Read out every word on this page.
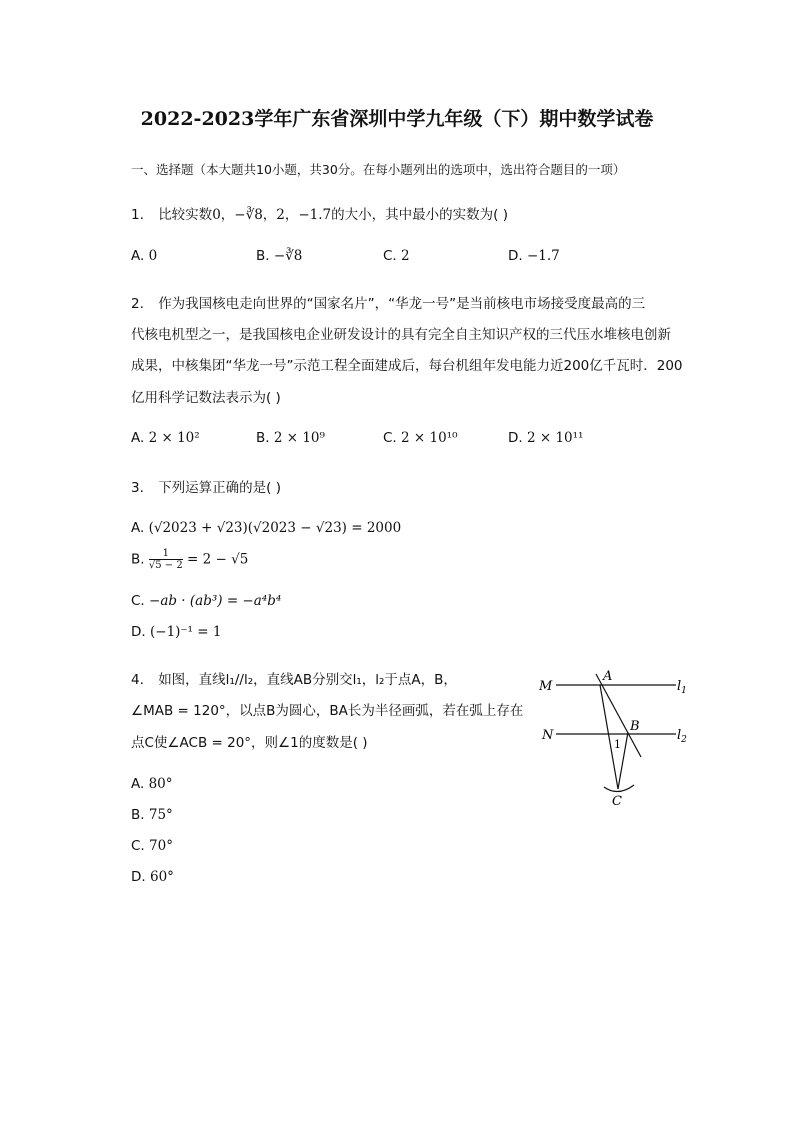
2022-2023学年广东省深圳中学九年级（下）期中数学试卷
一、选择题（本大题共10小题，共30分。在每小题列出的选项中，选出符合题目的一项）
1. 比较实数0，−∛8，2，−1.7的大小，其中最小的实数为( )
A. 0	B. −∛8	C. 2	D. −1.7
2. 作为我国核电走向世界的“国家名片”，“华龙一号”是当前核电市场接受度最高的三
代核电机型之一，是我国核电企业研发设计的具有完全自主知识产权的三代压水堆核电创新
成果，中核集团“华龙一号”示范工程全面建成后，每台机组年发电能力近200亿千瓦时．200
亿用科学记数法表示为( )
A. 2 × 10²	B. 2 × 10⁹	C. 2 × 10¹⁰	D. 2 × 10¹¹
3. 下列运算正确的是( )
A. (√2023 + √23)(√2023 − √23) = 2000
B. $\frac{1}{√5 - 2} = 2 - √5$
C. −ab · (ab³) = −a⁴b⁴
D. (−1)⁻¹ = 1
4. 如图，直线l₁//l₂，直线AB分别交l₁，l₂于点A，B，
∠MAB = 120°，以点B为圆心，BA长为半径画弧，若在弧上存在
点C使∠ACB = 20°，则∠1的度数是( )
A. 80°
B. 75°
C. 70°
D. 60°
M
A
$l_1$
N
B
$l_2$
1
C
